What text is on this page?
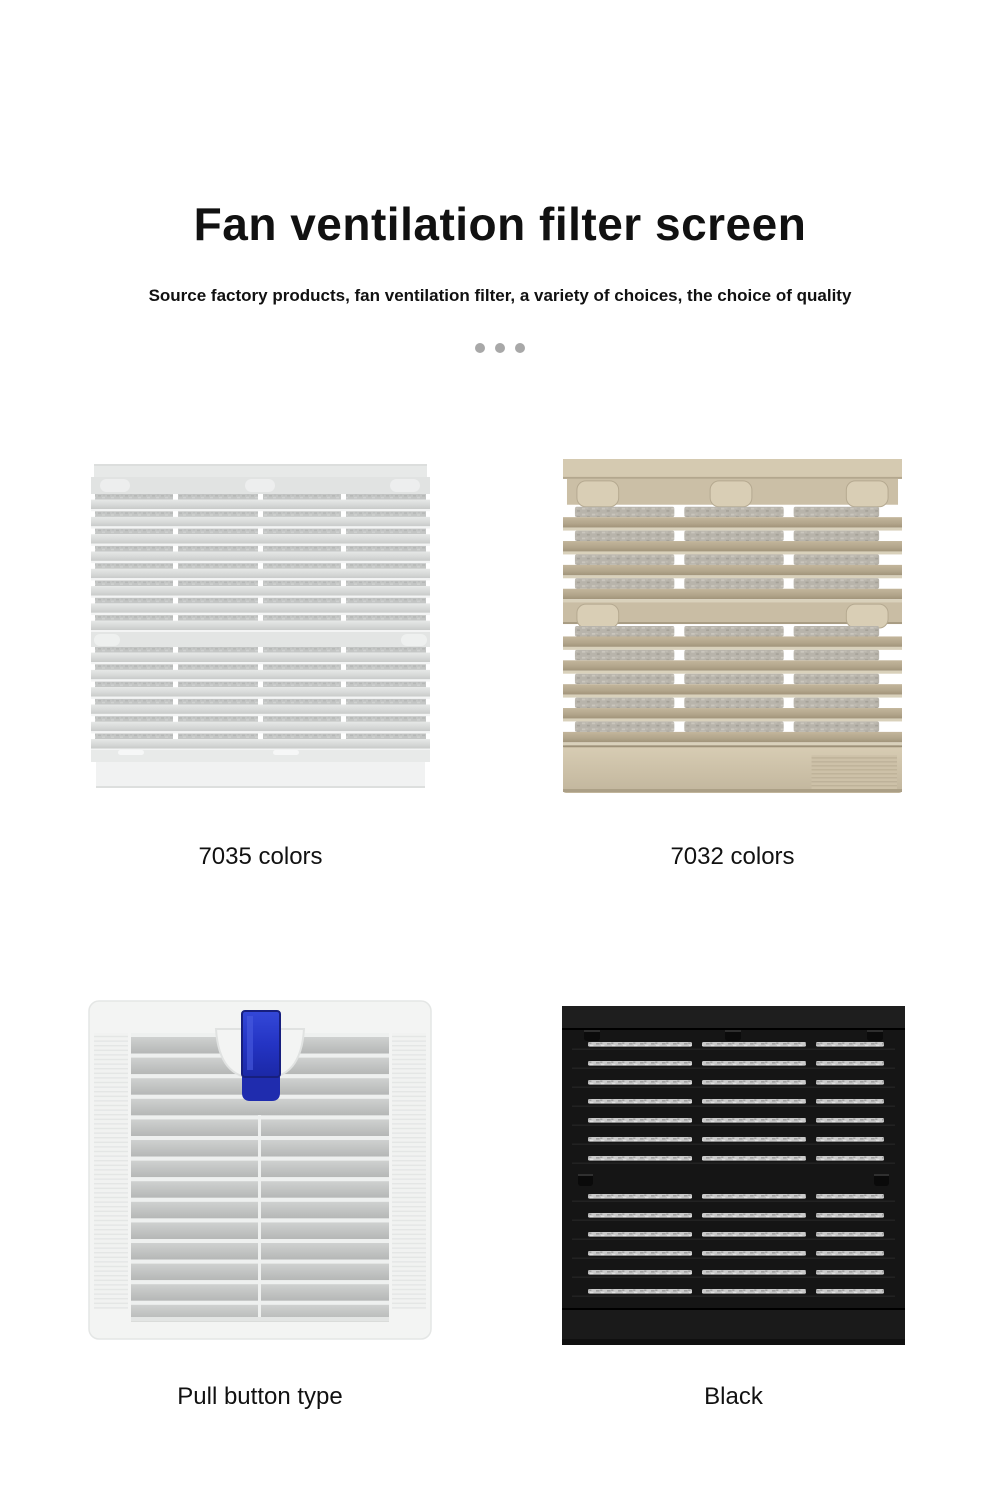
Fan ventilation filter screen

Source factory products, fan ventilation filter, a variety of choices, the choice of quality

7035 colors	7032 colors
Pull button type	Black
